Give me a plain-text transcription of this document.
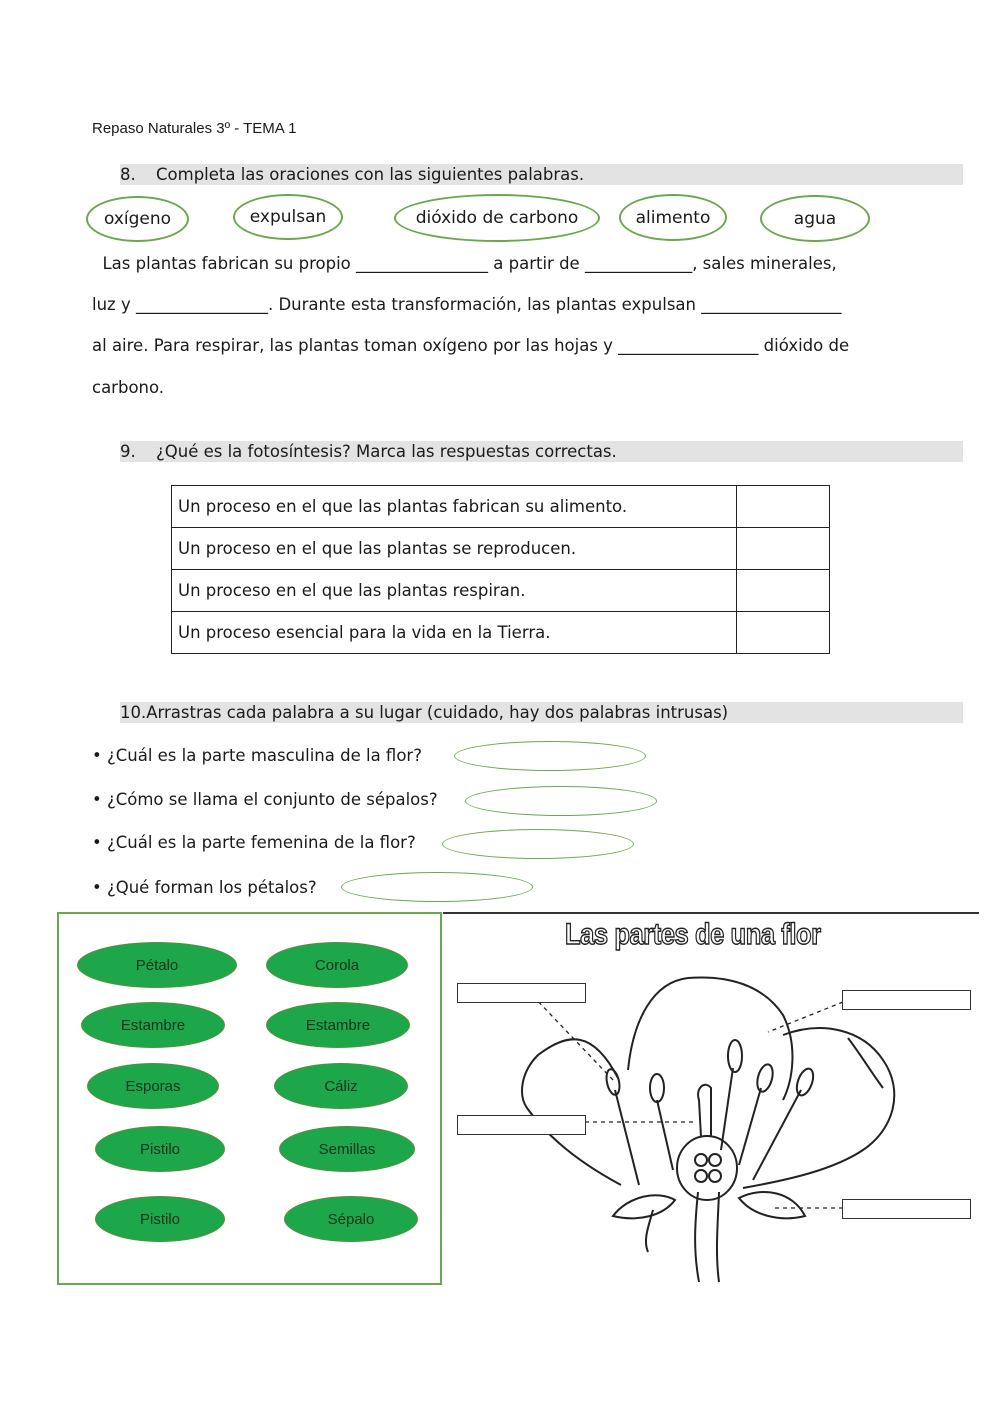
Repaso Naturales 3º - TEMA 1
8. Completa las oraciones con las siguientes palabras.
oxígeno	expulsan	dióxido de carbono	alimento	agua
Las plantas fabrican su propio ________________ a partir de _____________, sales minerales,
luz y ________________. Durante esta transformación, las plantas expulsan _________________
al aire. Para respirar, las plantas toman oxígeno por las hojas y _________________ dióxido de
carbono.
9. ¿Qué es la fotosíntesis? Marca las respuestas correctas.
Un proceso en el que las plantas fabrican su alimento.	
Un proceso en el que las plantas se reproducen.	
Un proceso en el que las plantas respiran.	
Un proceso esencial para la vida en la Tierra.	
10.Arrastras cada palabra a su lugar (cuidado, hay dos palabras intrusas)
• ¿Cuál es la parte masculina de la flor?
• ¿Cómo se llama el conjunto de sépalos?
• ¿Cuál es la parte femenina de la flor?
• ¿Qué forman los pétalos?
Pétalo	Corola
Estambre	Estambre
Esporas	Cáliz
Pistilo	Semillas
Pistilo	Sépalo
Las partes de una flor
